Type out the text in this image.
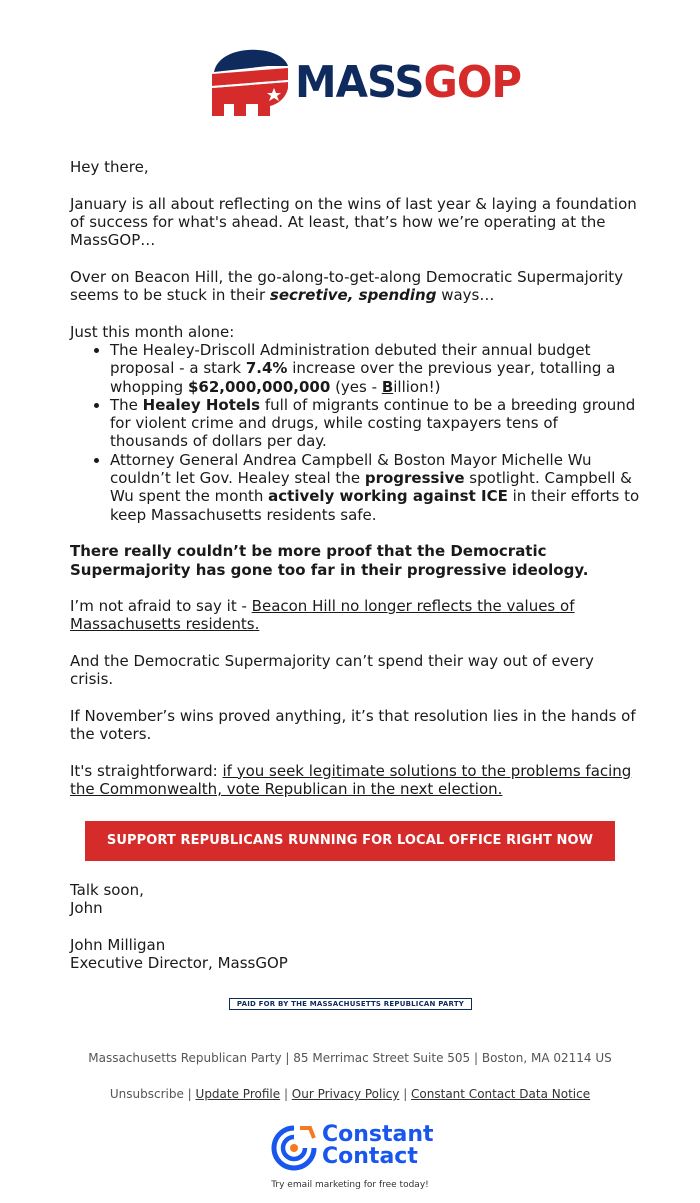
MASSGOP

Hey there,

January is all about reflecting on the wins of last year & laying a foundation of success for what's ahead. At least, that’s how we’re operating at the MassGOP…

Over on Beacon Hill, the go-along-to-get-along Democratic Supermajority seems to be stuck in their secretive, spending ways…

Just this month alone:
• The Healey-Driscoll Administration debuted their annual budget proposal - a stark 7.4% increase over the previous year, totalling a whopping $62,000,000,000 (yes - Billion!)
• The Healey Hotels full of migrants continue to be a breeding ground for violent crime and drugs, while costing taxpayers tens of thousands of dollars per day.
• Attorney General Andrea Campbell & Boston Mayor Michelle Wu couldn’t let Gov. Healey steal the progressive spotlight. Campbell & Wu spent the month actively working against ICE in their efforts to keep Massachusetts residents safe.

There really couldn’t be more proof that the Democratic Supermajority has gone too far in their progressive ideology.

I’m not afraid to say it - Beacon Hill no longer reflects the values of Massachusetts residents.

And the Democratic Supermajority can’t spend their way out of every crisis.

If November’s wins proved anything, it’s that resolution lies in the hands of the voters.

It's straightforward: if you seek legitimate solutions to the problems facing the Commonwealth, vote Republican in the next election.

SUPPORT REPUBLICANS RUNNING FOR LOCAL OFFICE RIGHT NOW

Talk soon,
John

John Milligan
Executive Director, MassGOP

PAID FOR BY THE MASSACHUSETTS REPUBLICAN PARTY
Massachusetts Republican Party | 85 Merrimac Street Suite 505 | Boston, MA 02114 US
Unsubscribe | Update Profile | Our Privacy Policy | Constant Contact Data Notice
Constant
Contact
Try email marketing for free today!
